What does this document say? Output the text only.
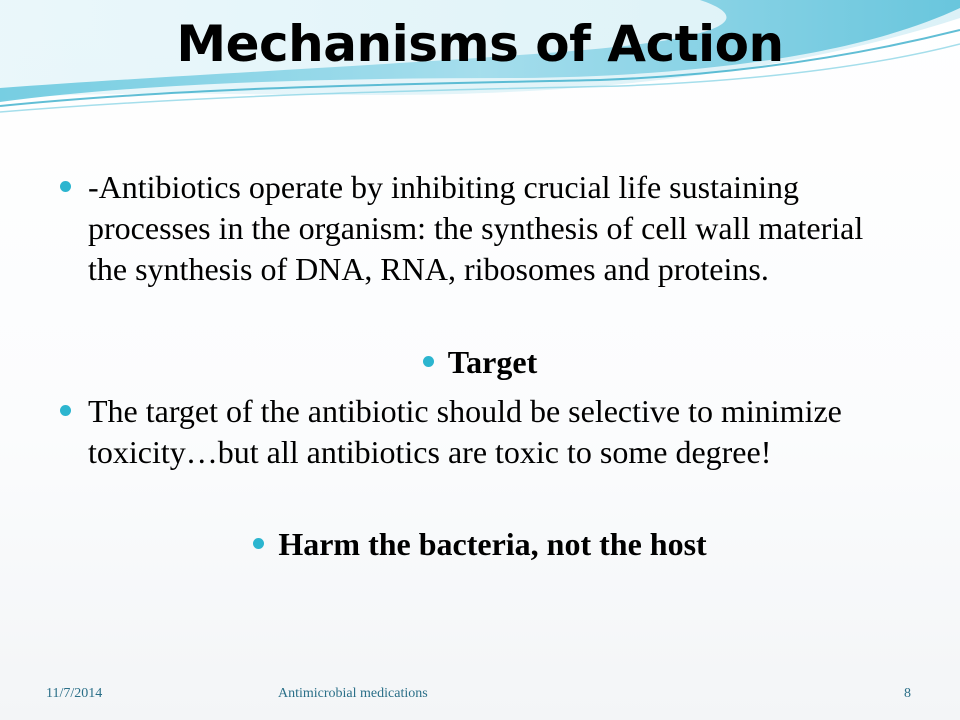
Mechanisms of Action
-Antibiotics operate by inhibiting crucial life sustaining processes in the organism: the synthesis of cell wall material the synthesis of DNA, RNA, ribosomes and proteins.
Target
The target of the antibiotic should be selective to minimize toxicity…but all antibiotics are toxic to some degree!
Harm the bacteria, not the host
11/7/2014	Antimicrobial medications	8
